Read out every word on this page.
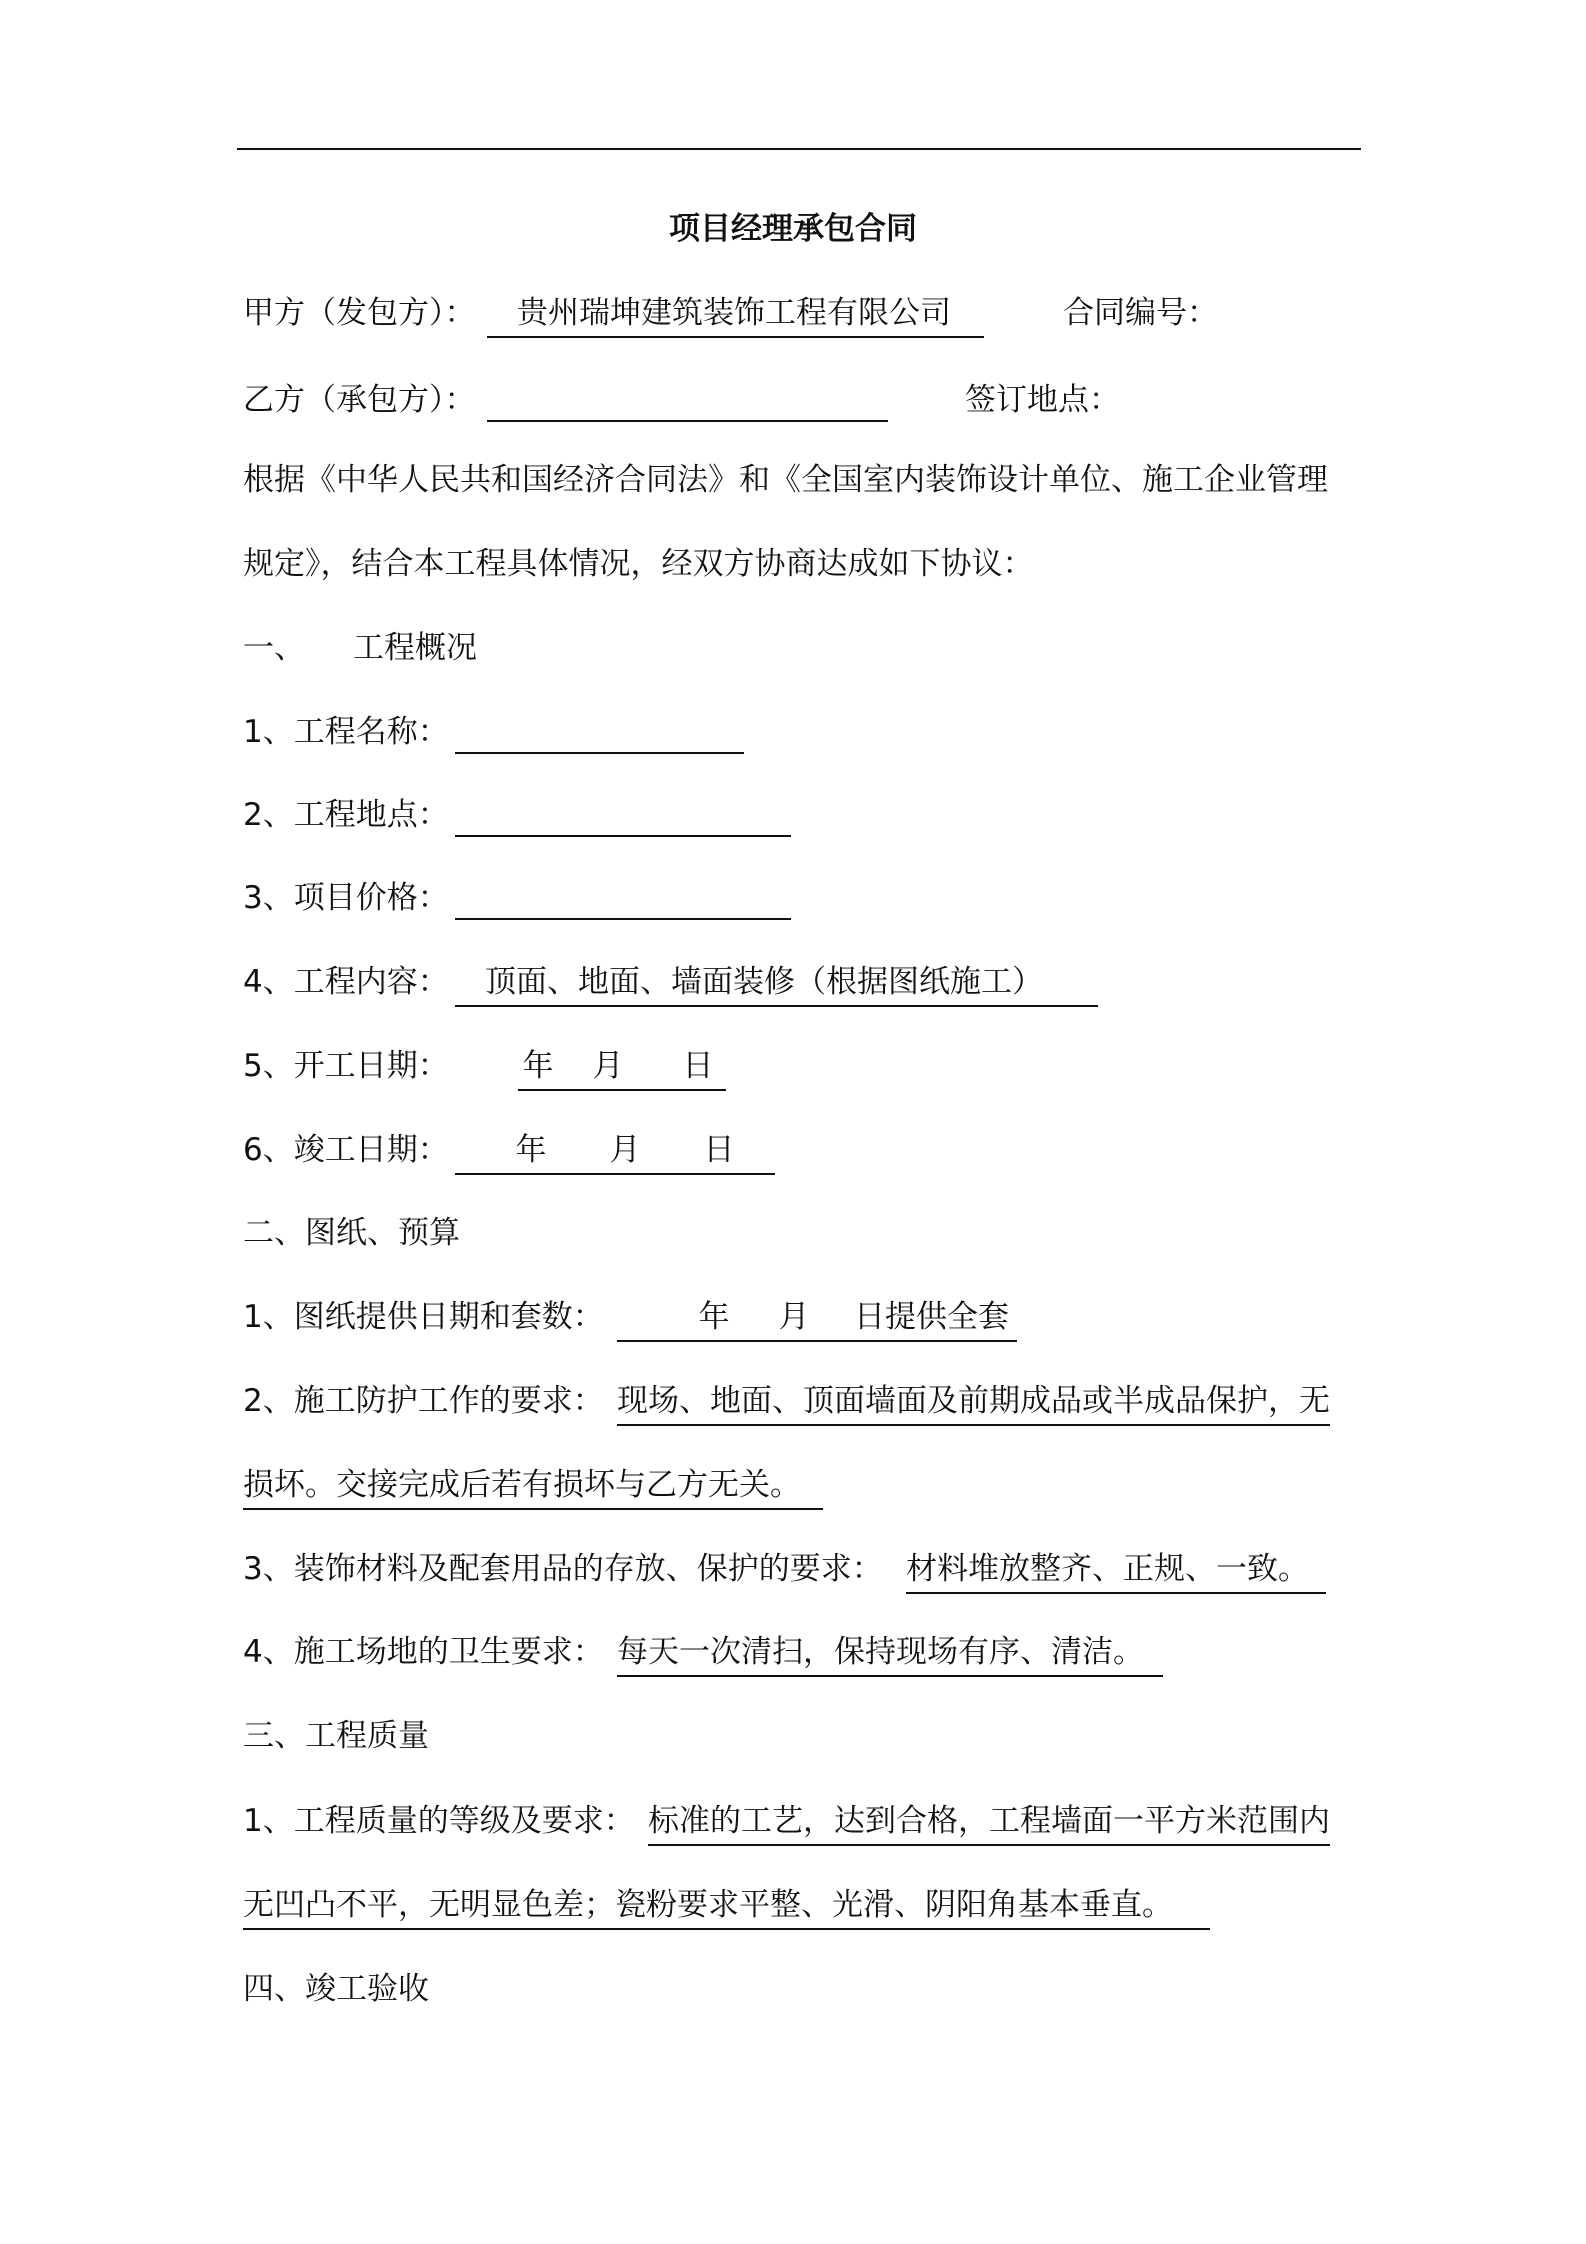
项目经理承包合同
甲方（发包方）：	贵州瑞坤建筑装饰工程有限公司	合同编号：
乙方（承包方）：	签订地点：
根据《中华人民共和国经济合同法》和《全国室内装饰设计单位、施工企业管理
规定》，结合本工程具体情况，经双方协商达成如下协议：
一、 工程概况
1、工程名称：
2、工程地点：
3、项目价格：
4、工程内容：	顶面、地面、墙面装修（根据图纸施工）
5、开工日期： 年 月 日
6、竣工日期：	年 月 日
二、图纸、预算
1、图纸提供日期和套数：	年 月 日提供全套
2、施工防护工作的要求： 现场、地面、顶面墙面及前期成品或半成品保护，无
损坏。交接完成后若有损坏与乙方无关。
3、装饰材料及配套用品的存放、保护的要求： 材料堆放整齐、正规、一致。
4、施工场地的卫生要求： 每天一次清扫，保持现场有序、清洁。
三、工程质量
1、工程质量的等级及要求： 标准的工艺，达到合格，工程墙面一平方米范围内
无凹凸不平，无明显色差；瓷粉要求平整、光滑、阴阳角基本垂直。
四、竣工验收
